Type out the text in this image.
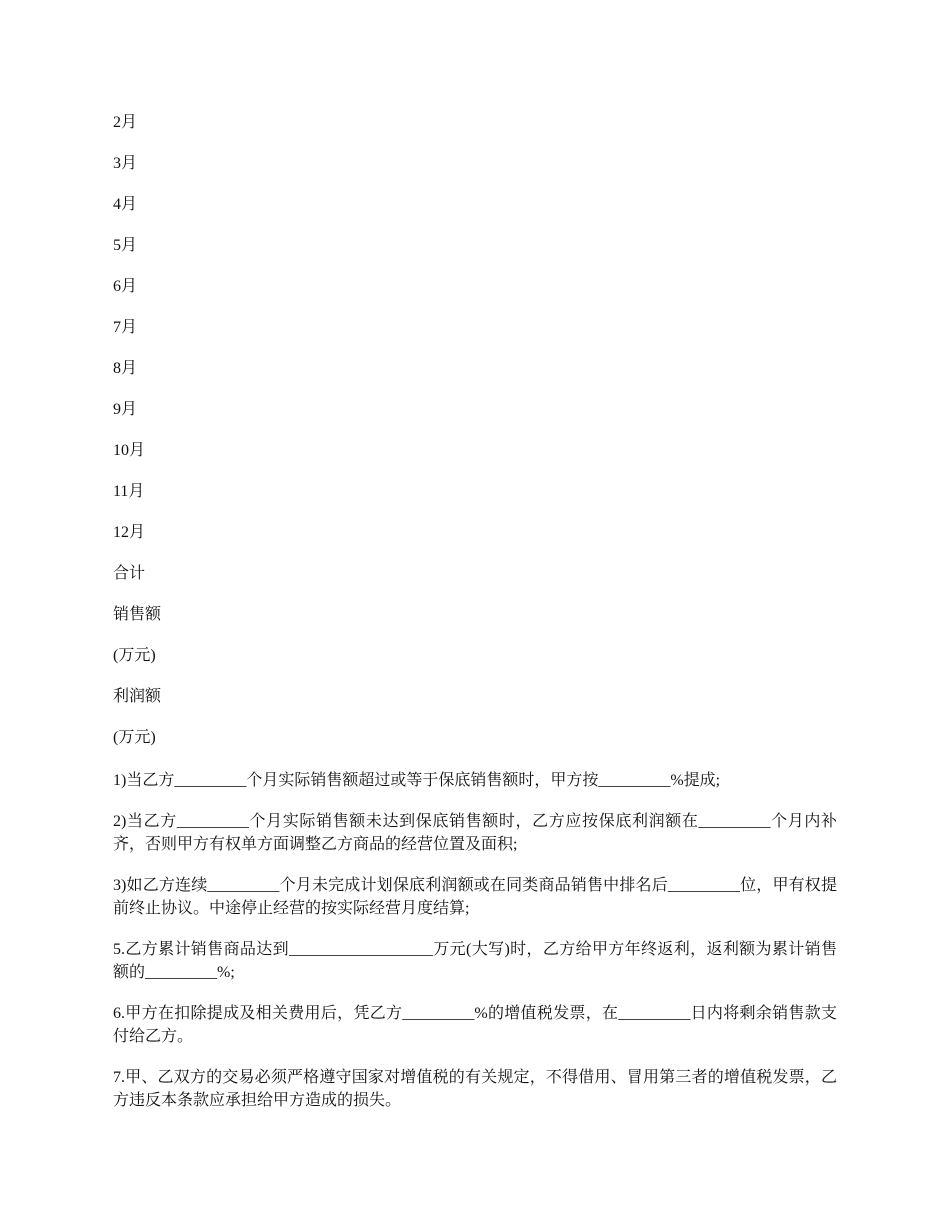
2月
3月
4月
5月
6月
7月
8月
9月
10月
11月
12月
合计
销售额
(万元)
利润额
(万元)

1)当乙方_________个月实际销售额超过或等于保底销售额时，甲方按_________%提成;

2)当乙方_________个月实际销售额未达到保底销售额时，乙方应按保底利润额在_________个月内补齐，否则甲方有权单方面调整乙方商品的经营位置及面积;

3)如乙方连续_________个月未完成计划保底利润额或在同类商品销售中排名后_________位，甲有权提前终止协议。中途停止经营的按实际经营月度结算;

5.乙方累计销售商品达到__________________万元(大写)时，乙方给甲方年终返利，返利额为累计销售额的_________%;

6.甲方在扣除提成及相关费用后，凭乙方_________%的增值税发票，在_________日内将剩余销售款支付给乙方。

7.甲、乙双方的交易必须严格遵守国家对增值税的有关规定，不得借用、冒用第三者的增值税发票，乙方违反本条款应承担给甲方造成的损失。
